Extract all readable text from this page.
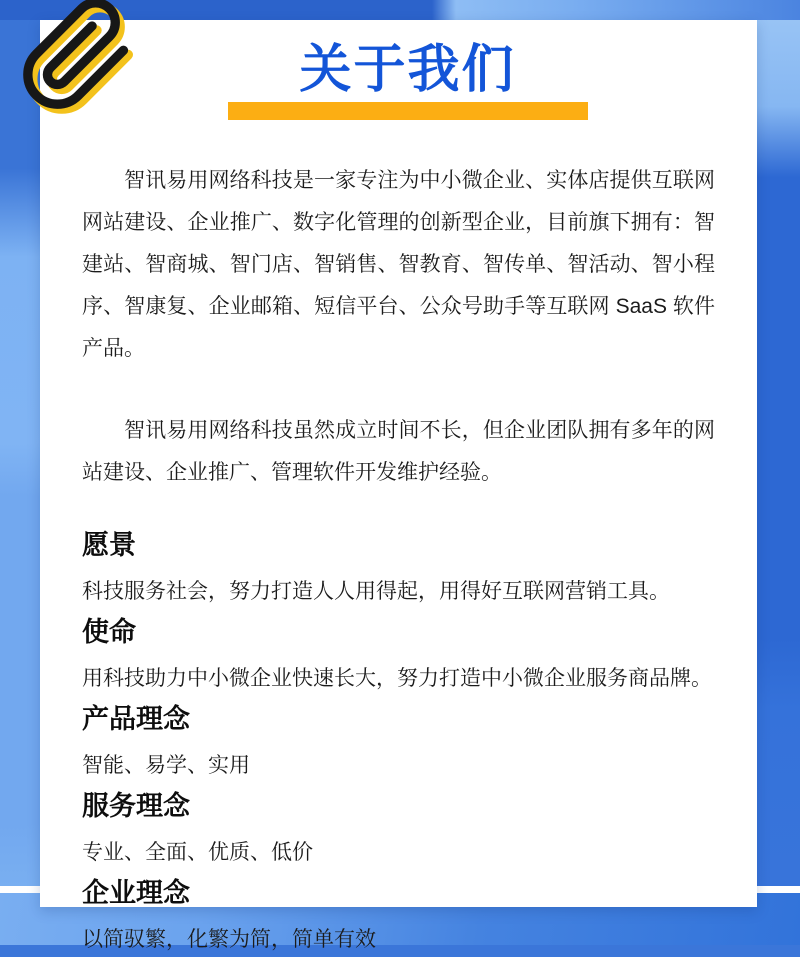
关于我们

智讯易用网络科技是一家专注为中小微企业、实体店提供互联网网站建设、企业推广、数字化管理的创新型企业，目前旗下拥有：智建站、智商城、智门店、智销售、智教育、智传单、智活动、智小程序、智康复、企业邮箱、短信平台、公众号助手等互联网 SaaS 软件产品。

智讯易用网络科技虽然成立时间不长，但企业团队拥有多年的网站建设、企业推广、管理软件开发维护经验。

愿景

科技服务社会，努力打造人人用得起，用得好互联网营销工具。

使命

用科技助力中小微企业快速长大，努力打造中小微企业服务商品牌。

产品理念

智能、易学、实用

服务理念

专业、全面、优质、低价

企业理念

以简驭繁，化繁为简，简单有效
